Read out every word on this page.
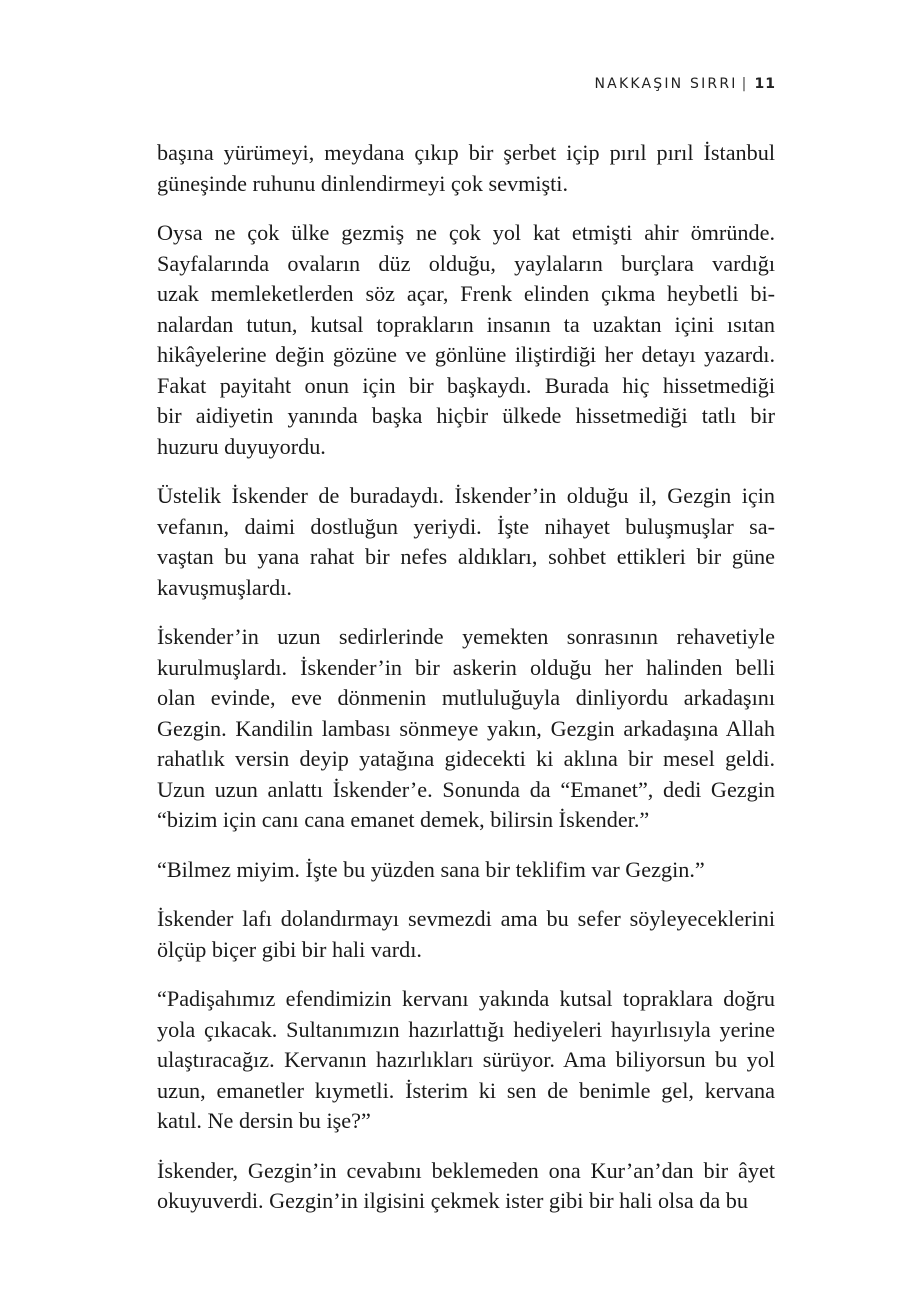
NAKKAŞIN SIRRI | 11

başına yürümeyi, meydana çıkıp bir şerbet içip pırıl pırıl İstanbul
güneşinde ruhunu dinlendirmeyi çok sevmişti.

Oysa ne çok ülke gezmiş ne çok yol kat etmişti ahir ömründe.
Sayfalarında ovaların düz olduğu, yaylaların burçlara vardığı
uzak memleketlerden söz açar, Frenk elinden çıkma heybetli bi-
nalardan tutun, kutsal toprakların insanın ta uzaktan içini ısıtan
hikâyelerine değin gözüne ve gönlüne iliştirdiği her detayı yazardı.
Fakat payitaht onun için bir başkaydı. Burada hiç hissetmediği
bir aidiyetin yanında başka hiçbir ülkede hissetmediği tatlı bir
huzuru duyuyordu.

Üstelik İskender de buradaydı. İskender’in olduğu il, Gezgin için
vefanın, daimi dostluğun yeriydi. İşte nihayet buluşmuşlar sa-
vaştan bu yana rahat bir nefes aldıkları, sohbet ettikleri bir güne
kavuşmuşlardı.

İskender’in uzun sedirlerinde yemekten sonrasının rehavetiyle
kurulmuşlardı. İskender’in bir askerin olduğu her halinden belli
olan evinde, eve dönmenin mutluluğuyla dinliyordu arkadaşını
Gezgin. Kandilin lambası sönmeye yakın, Gezgin arkadaşına Allah
rahatlık versin deyip yatağına gidecekti ki aklına bir mesel geldi.
Uzun uzun anlattı İskender’e. Sonunda da “Emanet”, dedi Gezgin
“bizim için canı cana emanet demek, bilirsin İskender.”

“Bilmez miyim. İşte bu yüzden sana bir teklifim var Gezgin.”

İskender lafı dolandırmayı sevmezdi ama bu sefer söyleyeceklerini
ölçüp biçer gibi bir hali vardı.

“Padişahımız efendimizin kervanı yakında kutsal topraklara doğru
yola çıkacak. Sultanımızın hazırlattığı hediyeleri hayırlısıyla yerine
ulaştıracağız. Kervanın hazırlıkları sürüyor. Ama biliyorsun bu yol
uzun, emanetler kıymetli. İsterim ki sen de benimle gel, kervana
katıl. Ne dersin bu işe?”

İskender, Gezgin’in cevabını beklemeden ona Kur’an’dan bir âyet
okuyuverdi. Gezgin’in ilgisini çekmek ister gibi bir hali olsa da bu
